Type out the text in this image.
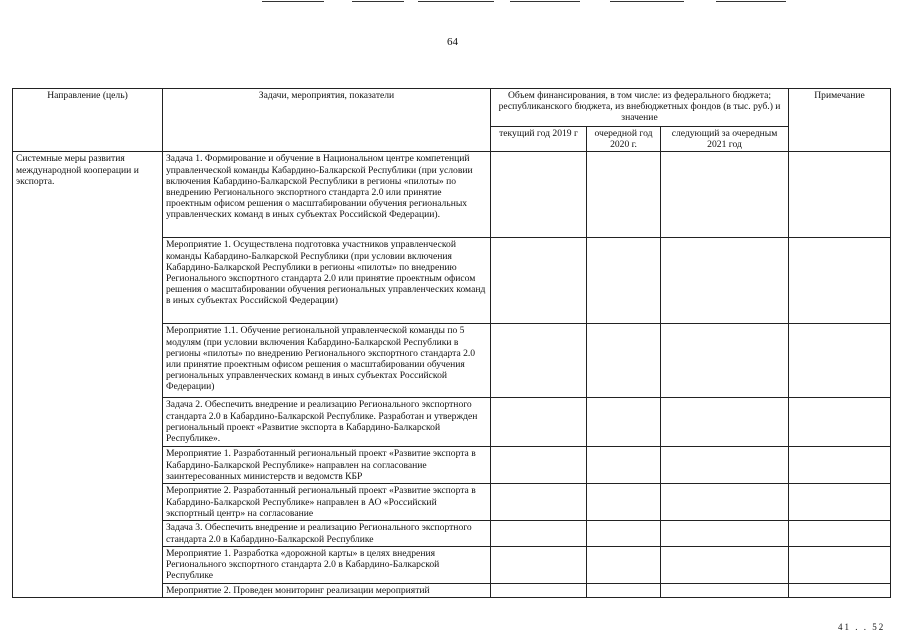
64
Направление (цель)	Задачи, мероприятия, показатели	Объем финансирования, в том числе: из федерального бюджета; республиканского бюджета, из внебюджетных фондов (в тыс. руб.) и значение			Примечание
		текущий год 2019 г	очередной год 2020 г.	следующий за очередным 2021 год	
Системные меры развития международной кооперации и экспорта.	Задача 1. Формирование и обучение в Национальном центре компетенций управленческой команды Кабардино-Балкарской Республики (при условии включения Кабардино-Балкарской Республики в регионы «пилоты» по внедрению Регионального экспортного стандарта 2.0 или принятие проектным офисом решения о масштабировании обучения региональных управленческих команд в иных субъектах Российской Федерации).				
	Мероприятие 1. Осуществлена подготовка участников управленческой команды Кабардино-Балкарской Республики (при условии включения Кабардино-Балкарской Республики в регионы «пилоты» по внедрению Регионального экспортного стандарта 2.0 или принятие проектным офисом решения о масштабировании обучения региональных управленческих команд в иных субъектах Российской Федерации)				
	Мероприятие 1.1. Обучение региональной управленческой команды по 5 модулям (при условии включения Кабардино-Балкарской Республики в регионы «пилоты» по внедрению Регионального экспортного стандарта 2.0 или принятие проектным офисом решения о масштабировании обучения региональных управленческих команд в иных субъектах Российской Федерации)				
	Задача 2. Обеспечить внедрение и реализацию Регионального экспортного стандарта 2.0 в Кабардино-Балкарской Республике. Разработан и утвержден региональный проект «Развитие экспорта в Кабардино-Балкарской Республике».				
	Мероприятие 1. Разработанный региональный проект «Развитие экспорта в Кабардино-Балкарской Республике» направлен на согласование заинтересованных министерств и ведомств КБР				
	Мероприятие 2. Разработанный региональный проект «Развитие экспорта в Кабардино-Балкарской Республике» направлен в АО «Российский экспортный центр» на согласование				
	Задача 3. Обеспечить внедрение и реализацию Регионального экспортного стандарта 2.0 в Кабардино-Балкарской Республике				
	Мероприятие 1. Разработка «дорожной карты» в целях внедрения Регионального экспортного стандарта 2.0 в Кабардино-Балкарской Республике				
	Мероприятие 2. Проведен мониторинг реализации мероприятий				
41 . . 52
